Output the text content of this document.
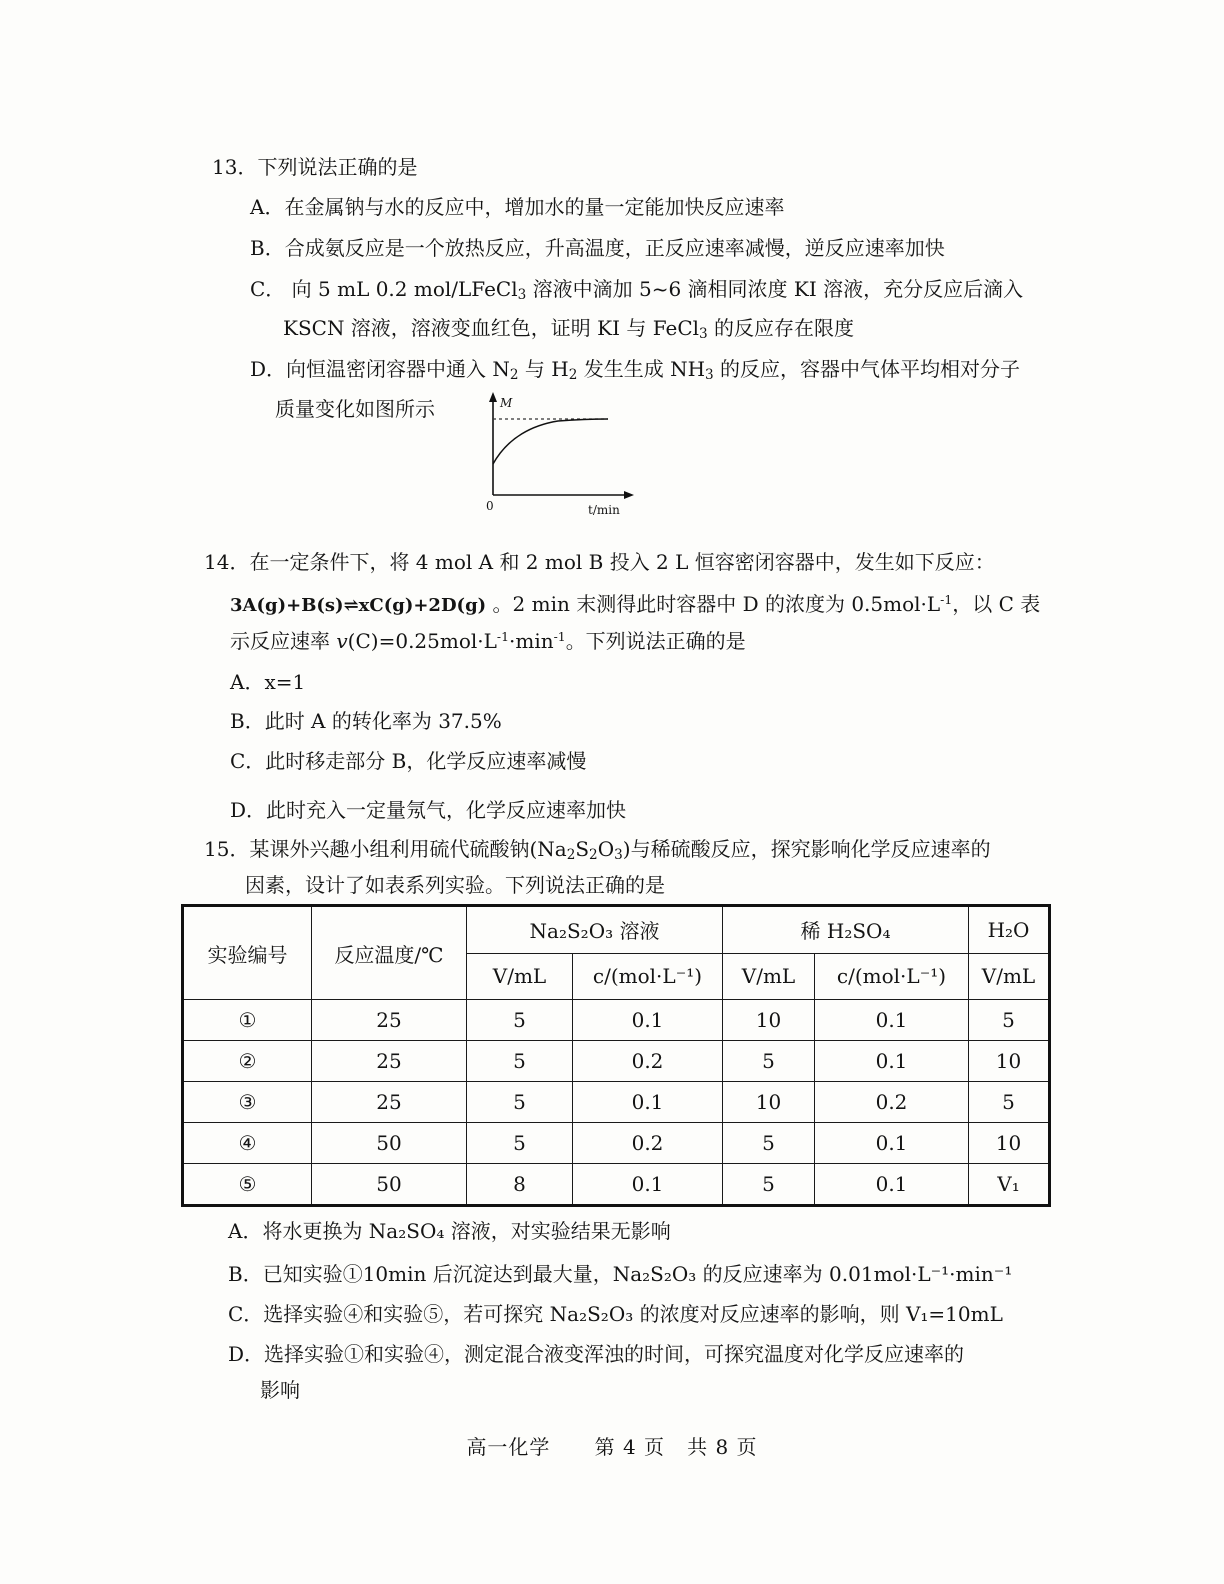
13．下列说法正确的是
A．在金属钠与水的反应中，增加水的量一定能加快反应速率
B．合成氨反应是一个放热反应，升高温度，正反应速率减慢，逆反应速率加快
C． 向 5 mL 0.2 mol/LFeCl$_3$ 溶液中滴加 5~6 滴相同浓度 KI 溶液，充分反应后滴入
KSCN 溶液，溶液变血红色，证明 KI 与 FeCl$_3$ 的反应存在限度
D．向恒温密闭容器中通入 $N_2$ 与 $H_2$ 发生生成 $NH_3$ 的反应，容器中气体平均相对分子
质量变化如图所示	M
0	t/min
14．在一定条件下，将 4 mol A 和 2 mol B 投入 2 L 恒容密闭容器中，发生如下反应：
3A(g)+B(s)⇌xC(g)+2D(g) 。2 min 末测得此时容器中 D 的浓度为 $0.5mol\cdot L^{-1}$，以 C 表
示反应速率 $v(C)=0.25mol\cdot L^{-1}\cdot\min^{-1}$。下列说法正确的是
A．x=1
B．此时 A 的转化率为 37.5%
C．此时移走部分 B，化学反应速率减慢
D．此时充入一定量氖气，化学反应速率加快
15．某课外兴趣小组利用硫代硫酸钠$(Na_2S_2O_3)$与稀硫酸反应，探究影响化学反应速率的
因素，设计了如表系列实验。下列说法正确的是
实验编号	反应温度/℃	Na₂S₂O₃ 溶液		稀 H₂SO₄		H₂O
		V/mL	c/(mol·L⁻¹)	V/mL	c/(mol·L⁻¹)	V/mL
①	25	5	0.1	10	0.1	5
②	25	5	0.2	5	0.1	10
③	25	5	0.1	10	0.2	5
④	50	5	0.2	5	0.1	10
⑤	50	8	0.1	5	0.1	V₁
A．将水更换为 Na₂SO₄ 溶液，对实验结果无影响
B．已知实验①10min 后沉淀达到最大量，Na₂S₂O₃ 的反应速率为 0.01mol·L⁻¹·min⁻¹
C．选择实验④和实验⑤，若可探究 Na₂S₂O₃ 的浓度对反应速率的影响，则 V₁=10mL
D．选择实验①和实验④，测定混合液变浑浊的时间，可探究温度对化学反应速率的
影响
高一化学      第 4 页   共 8 页
